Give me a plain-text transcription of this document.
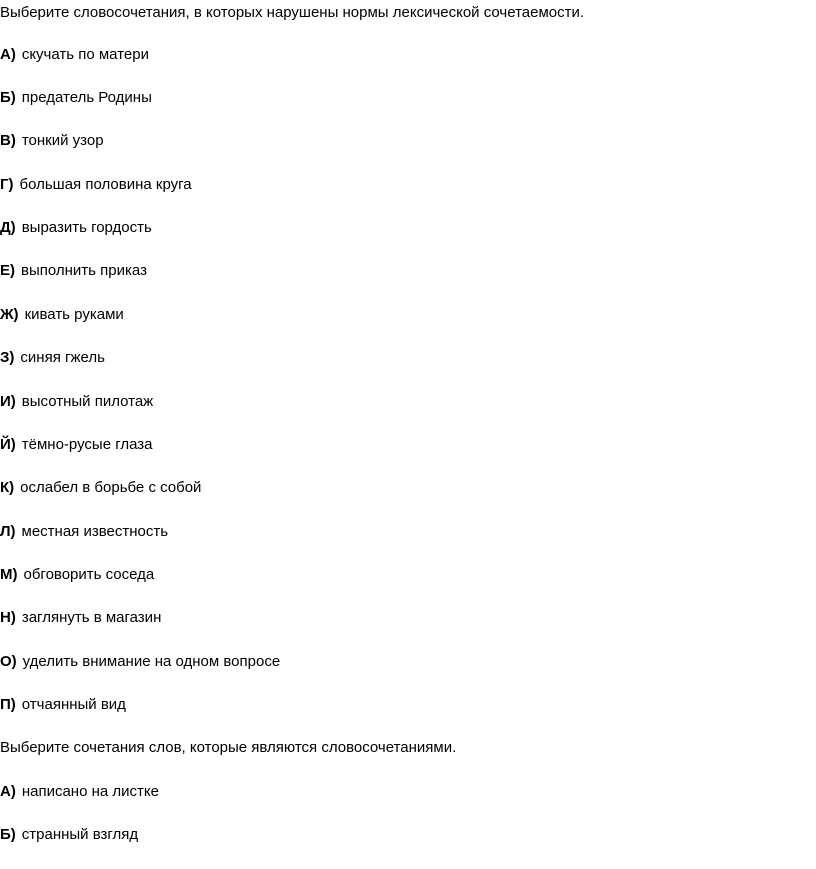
Выберите словосочетания, в которых нарушены нормы лексической сочетаемости.
А) скучать по матери
Б) предатель Родины
В) тонкий узор
Г) большая половина круга
Д) выразить гордость
Е) выполнить приказ
Ж) кивать руками
З) синяя гжель
И) высотный пилотаж
Й) тёмно-русые глаза
К) ослабел в борьбе с собой
Л) местная известность
М) обговорить соседа
Н) заглянуть в магазин
О) уделить внимание на одном вопросе
П) отчаянный вид
Выберите сочетания слов, которые являются словосочетаниями.
А) написано на листке
Б) странный взгляд
